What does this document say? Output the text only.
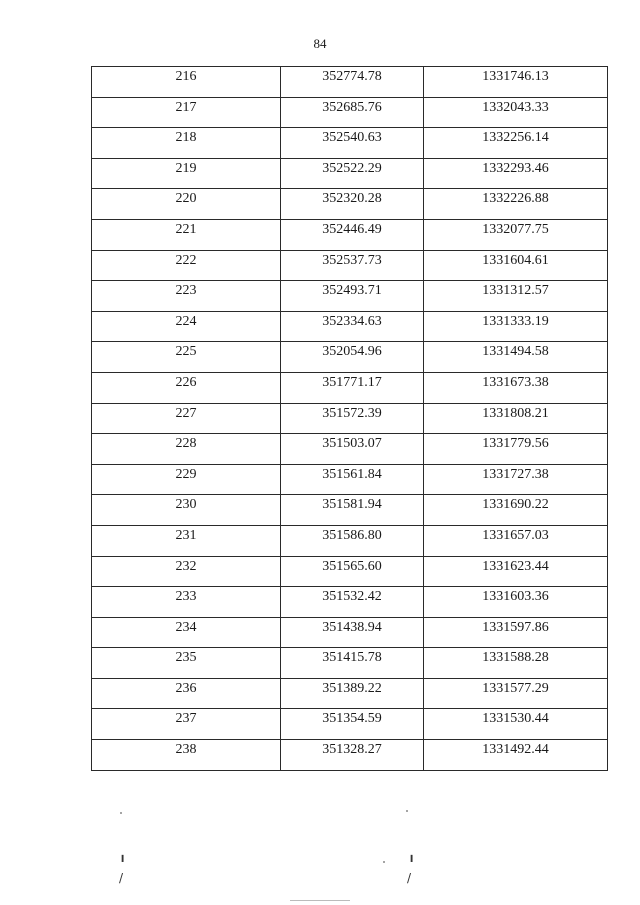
84
216	352774.78	1331746.13
217	352685.76	1332043.33
218	352540.63	1332256.14
219	352522.29	1332293.46
220	352320.28	1332226.88
221	352446.49	1332077.75
222	352537.73	1331604.61
223	352493.71	1331312.57
224	352334.63	1331333.19
225	352054.96	1331494.58
226	351771.17	1331673.38
227	351572.39	1331808.21
228	351503.07	1331779.56
229	351561.84	1331727.38
230	351581.94	1331690.22
231	351586.80	1331657.03
232	351565.60	1331623.44
233	351532.42	1331603.36
234	351438.94	1331597.86
235	351415.78	1331588.28
236	351389.22	1331577.29
237	351354.59	1331530.44
238	351328.27	1331492.44
╹
/
╹
/
